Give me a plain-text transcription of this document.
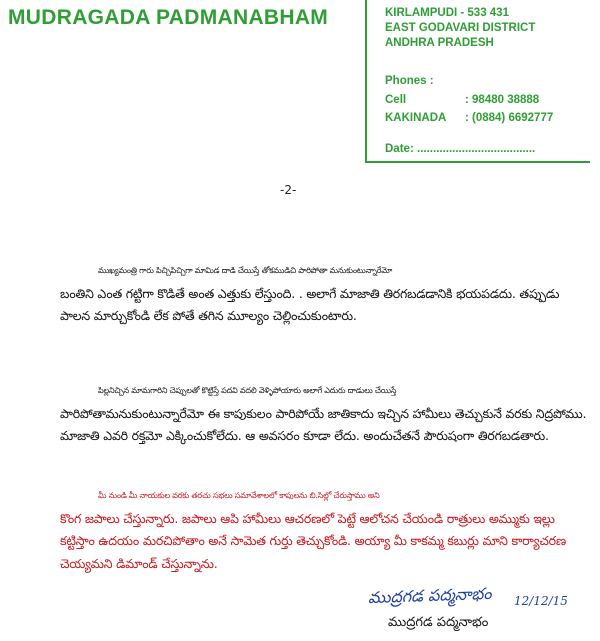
MUDRAGADA PADMANABHAM	KIRLAMPUDI - 533 431
EAST GODAVARI DISTRICT
ANDHRA PRADESH
Phones :
Cell	: 98480 38888
KAKINADA : (0884) 6692777
Date : .....................................
-2-

ముఖ్యమంత్రి గారు పిచ్చిపిచ్చిగా మామిడ దాడి చేయిస్తే తోకముడిచి పారిపోతా మనుకుంటున్నారేమో
బంతిని ఎంత గట్టిగా కొడితే అంత ఎత్తుకు లేస్తుంది. . అలాగే మాజాతి తిరగబడడానికి భయపడదు. తప్పుడు
పాలన మార్చుకోండి లేక పోతే తగిన మూల్యం చెల్లించుకుంటారు.

పిల్లనిచ్చిన మామగారిని చెప్పులతో కొట్టిస్తే పదవి వదలి వెళ్ళిపోయారు అలాగే ఎదురు దాడులు చేయిస్తే
పారిపోతామనుకుంటున్నారేమో ఈ కాపుకులం పారిపోయే జాతికాదు ఇచ్చిన హామీలు తెచ్చుకునే వరకు నిద్రపోము.
మాజాతి ఎవరి రక్తమో ఎక్కించుకోలేదు. ఆ అవసరం కూడా లేదు. అందుచేతనే పౌరుషంగా తిరగబడతారు.

మీ నుండి మీ నాయకుల వరకు తరచు సభలు సమావేశాలలో కాపులను బి.సిల్లో చేరుస్తాము అని
కొంగ జపాలు చేస్తున్నారు. జపాలు ఆపి హామీలు ఆచరణలో పెట్టే ఆలోచన చేయండి రాత్రులు అమ్ముకు ఇల్లు
కట్టిస్తాం ఉదయం మరచిపోతాం అనే సామెత గుర్తు తెచ్చుకోండి. అయ్యా మీ కాకమ్మ కబుర్లు మాని కార్యాచరణ
చెయ్యమని డిమాండ్ చేస్తున్నాను.

ముద్రగడ పద్మనాభం 12/12/15
ముద్రగడ పద్మనాభం
